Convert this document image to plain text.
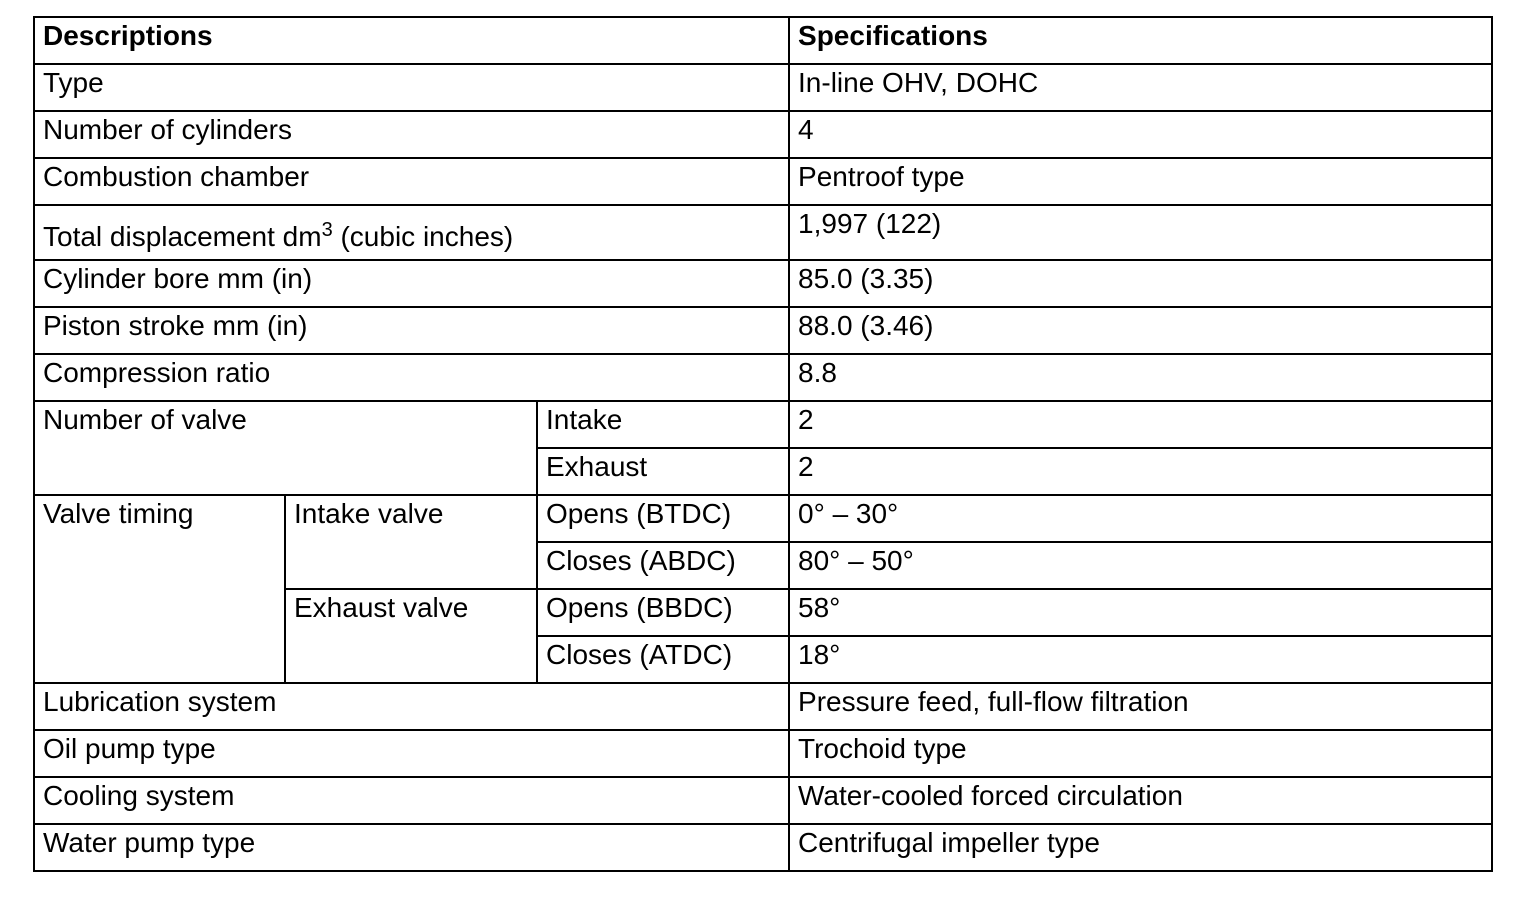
Descriptions			Specifications
Type			In-line OHV, DOHC
Number of cylinders			4
Combustion chamber			Pentroof type
Total displacement $dm^3$ (cubic inches)			1,997 (122)
Cylinder bore mm (in)			85.0 (3.35)
Piston stroke mm (in)			88.0 (3.46)
Compression ratio			8.8
Number of valve		Intake	2
		Exhaust	2
Valve timing	Intake valve	Opens (BTDC)	0° – 30°
		Closes (ABDC)	80° – 50°
	Exhaust valve	Opens (BBDC)	58°
		Closes (ATDC)	18°
Lubrication system			Pressure feed, full-flow filtration
Oil pump type			Trochoid type
Cooling system			Water-cooled forced circulation
Water pump type			Centrifugal impeller type
